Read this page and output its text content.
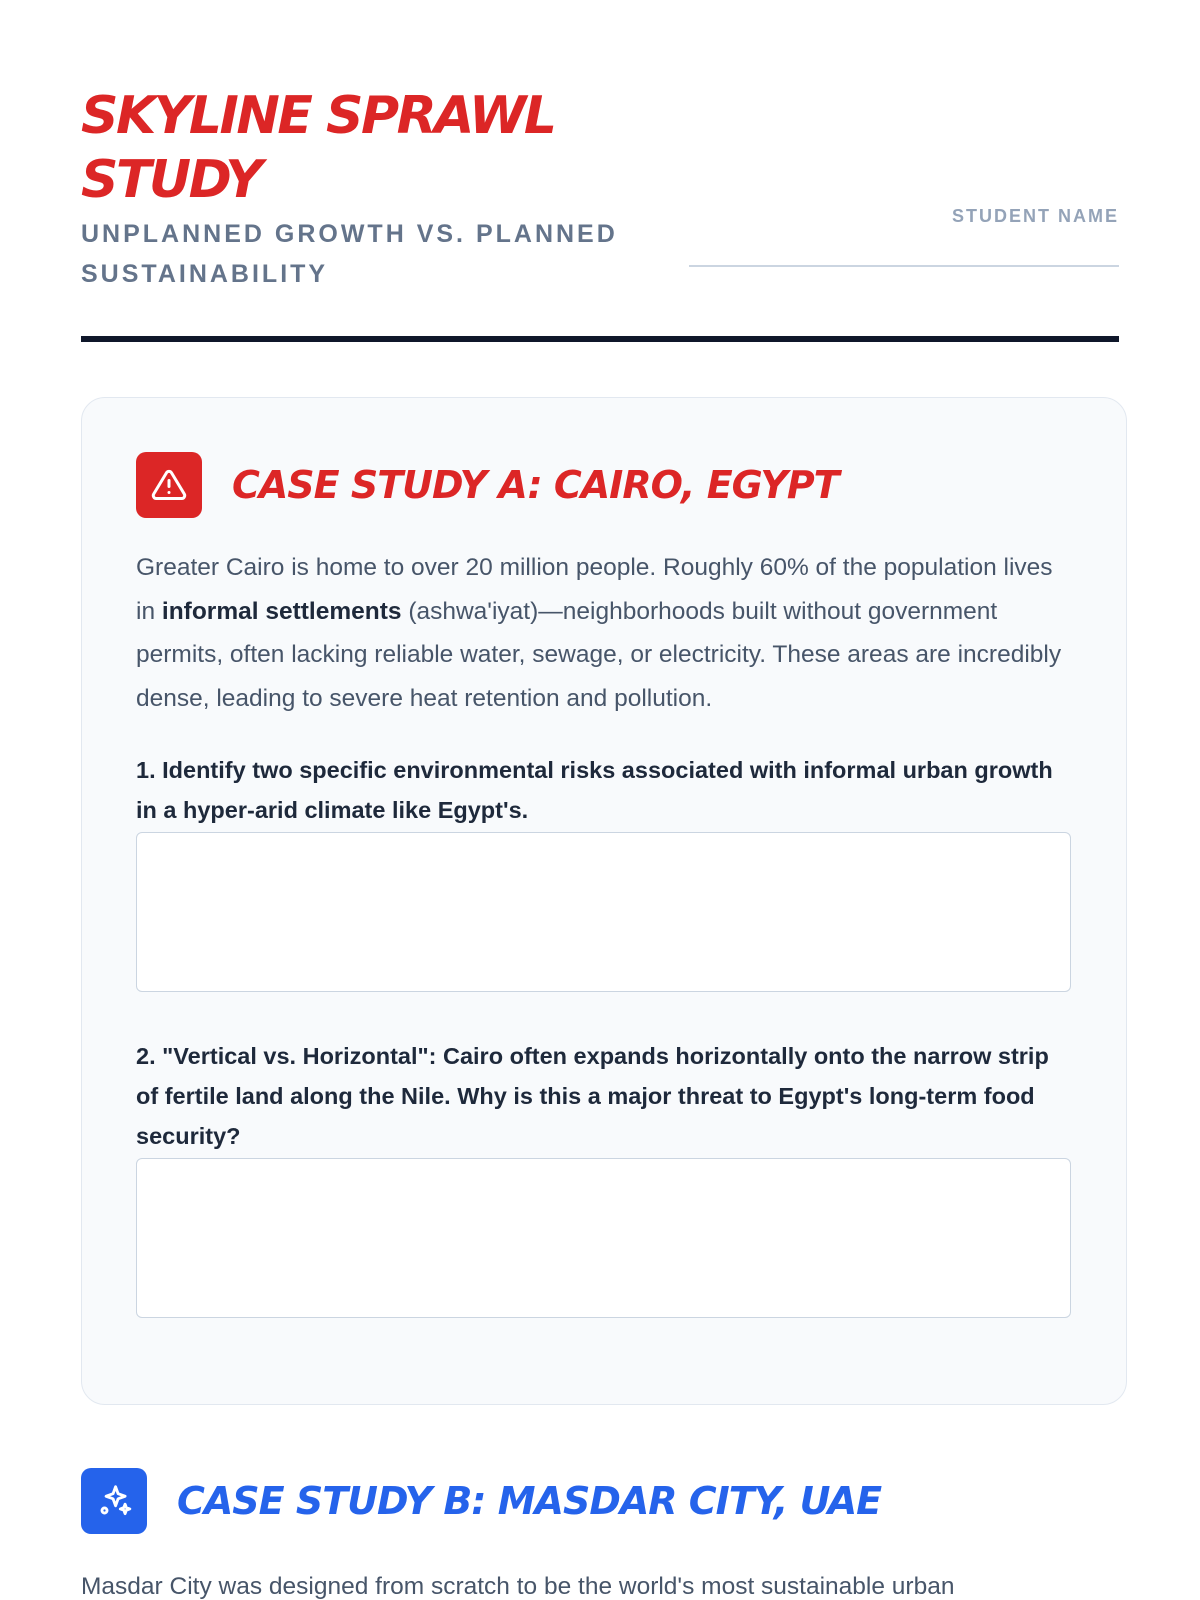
SKYLINE SPRAWL STUDY

UNPLANNED GROWTH VS. PLANNED SUSTAINABILITY

STUDENT NAME
CASE STUDY A: CAIRO, EGYPT

Greater Cairo is home to over 20 million people. Roughly 60% of the population lives in informal settlements (ashwa'iyat)—neighborhoods built without government permits, often lacking reliable water, sewage, or electricity. These areas are incredibly dense, leading to severe heat retention and pollution.

1. Identify two specific environmental risks associated with informal urban growth in a hyper-arid climate like Egypt's.

2. "Vertical vs. Horizontal": Cairo often expands horizontally onto the narrow strip of fertile land along the Nile. Why is this a major threat to Egypt's long-term food security?

CASE STUDY B: MASDAR CITY, UAE

Masdar City was designed from scratch to be the world's most sustainable urban
